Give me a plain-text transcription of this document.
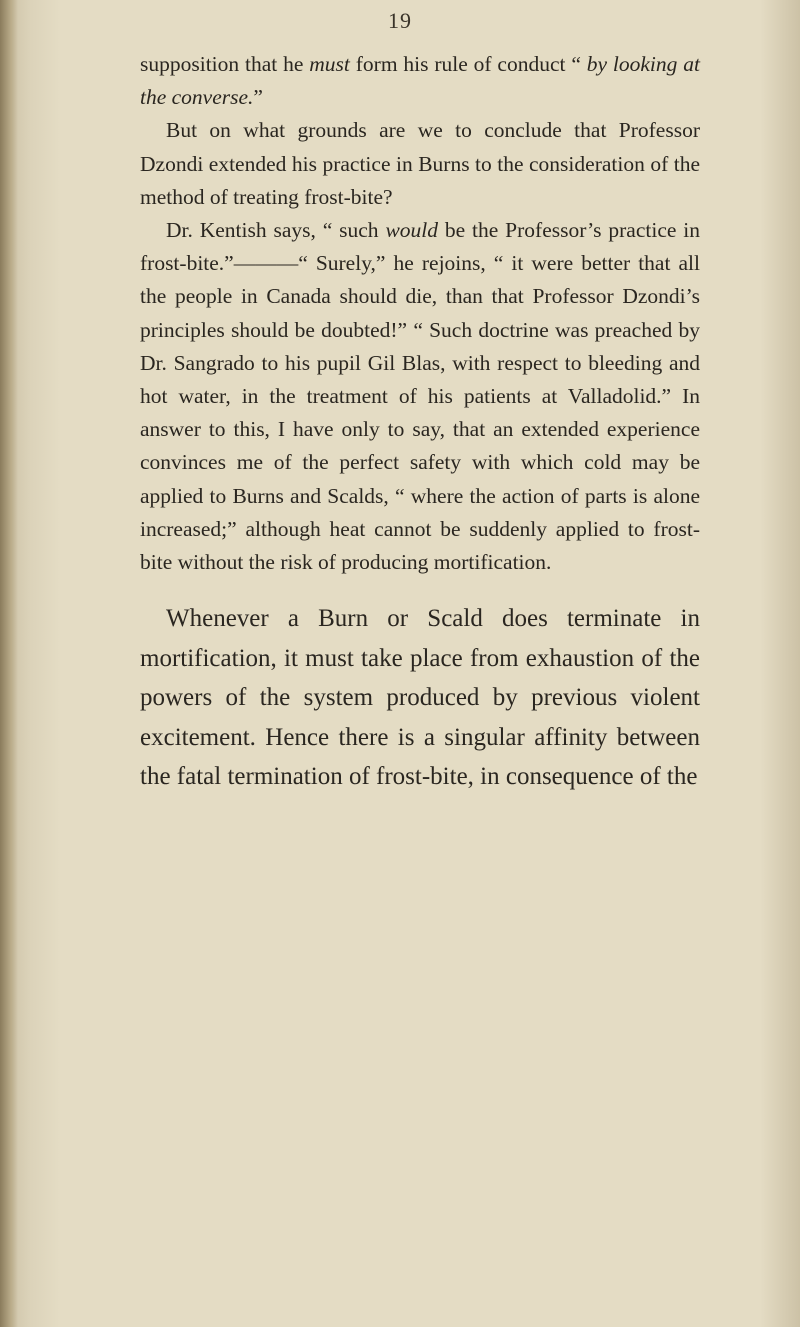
19

supposition that he must form his rule of conduct “ by looking at the converse.”

But on what grounds are we to conclude that Professor Dzondi extended his practice in Burns to the consideration of the method of treating frost-bite?

Dr. Kentish says, “ such would be the Professor’s practice in frost-bite.”———“ Surely,” he rejoins, “ it were better that all the people in Canada should die, than that Professor Dzondi’s principles should be doubted!” “ Such doctrine was preached by Dr. Sangrado to his pupil Gil Blas, with respect to bleeding and hot water, in the treatment of his patients at Valladolid.” In answer to this, I have only to say, that an extended experience convinces me of the perfect safety with which cold may be applied to Burns and Scalds, “ where the action of parts is alone increased;” although heat cannot be suddenly applied to frost-bite without the risk of producing mortification.

Whenever a Burn or Scald does terminate in mortification, it must take place from exhaustion of the powers of the system produced by previous violent excitement. Hence there is a singular affinity between the fatal termination of frost-bite, in consequence of the
